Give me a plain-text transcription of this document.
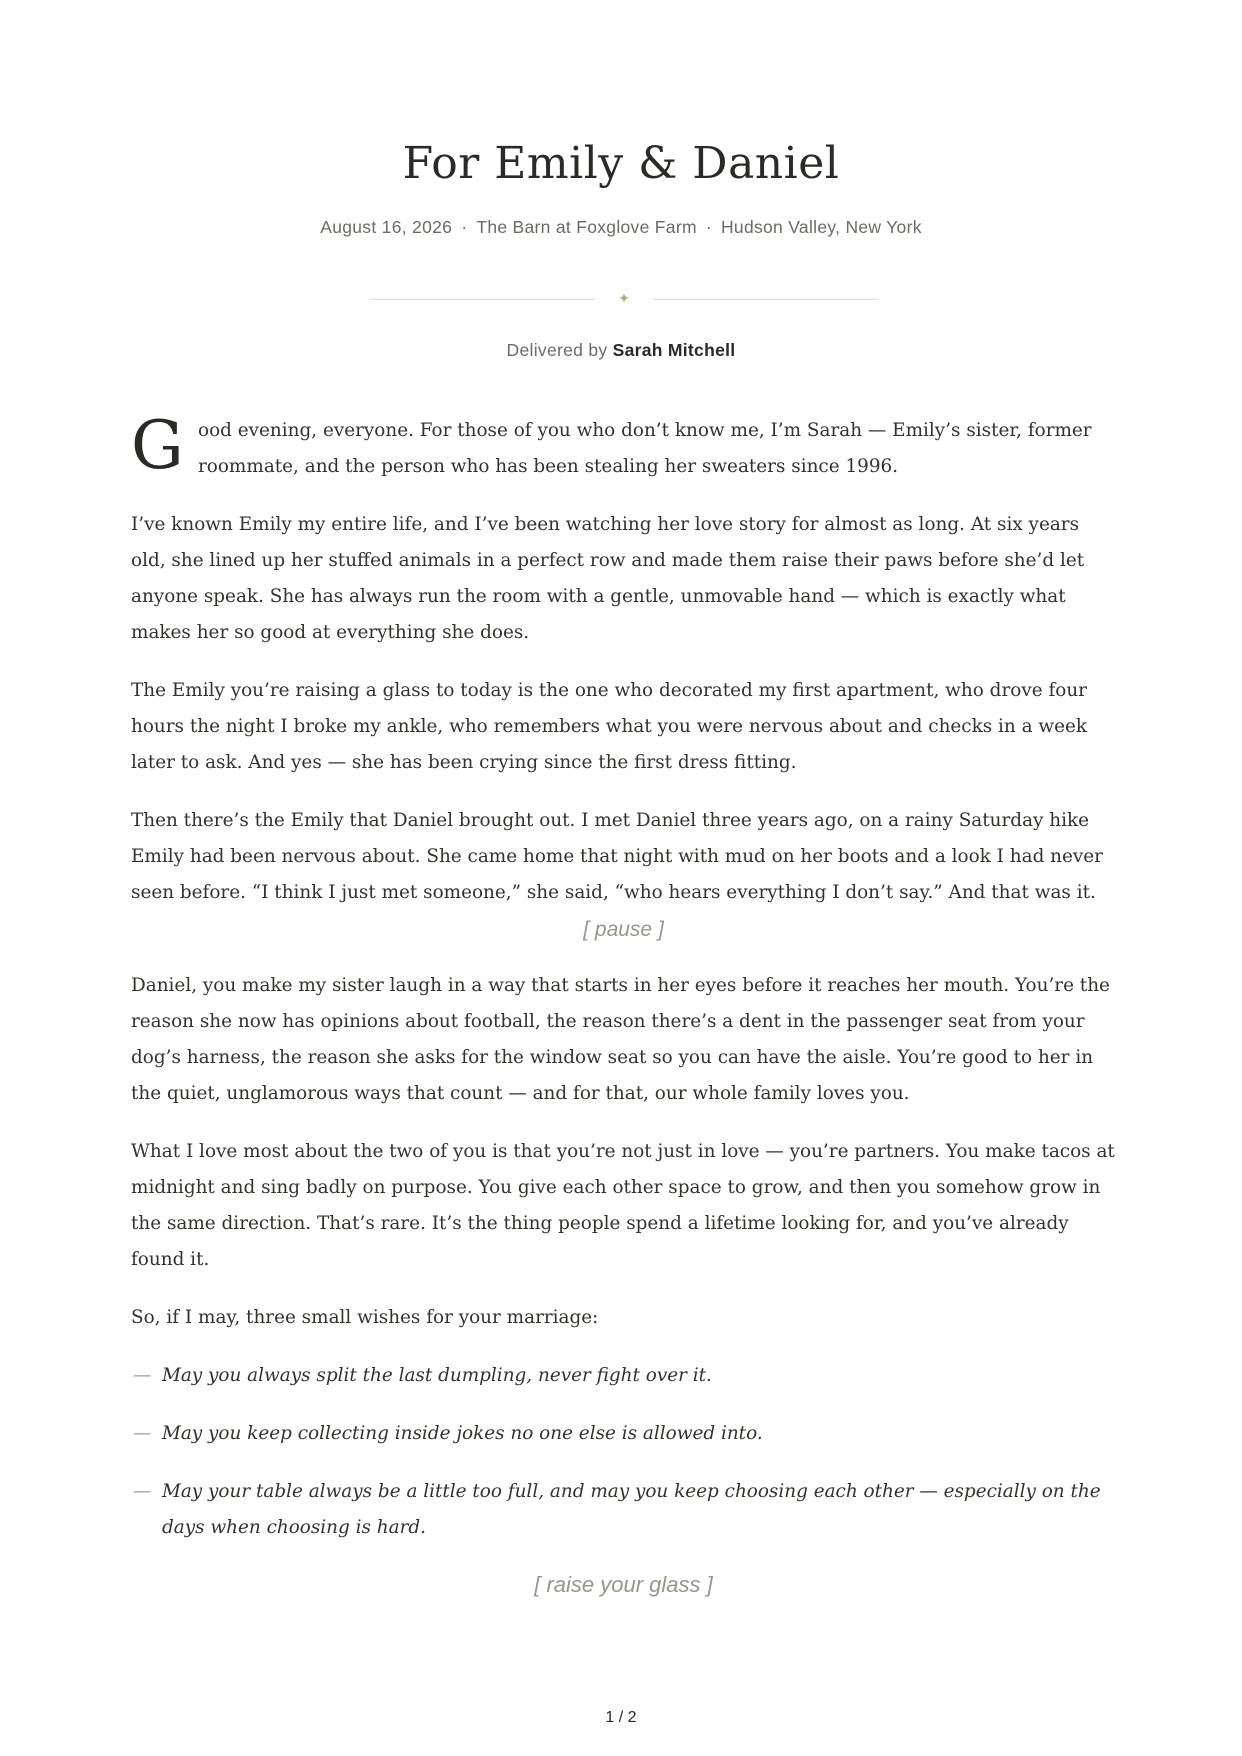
For Emily & Daniel
August 16, 2026 · The Barn at Foxglove Farm · Hudson Valley, New York
✦
Delivered by Sarah Mitchell

G ood evening, everyone. For those of you who don’t know me, I’m Sarah — Emily’s sister, former roommate, and the person who has been stealing her sweaters since 1996.

I’ve known Emily my entire life, and I’ve been watching her love story for almost as long. At six years old, she lined up her stuffed animals in a perfect row and made them raise their paws before she’d let anyone speak. She has always run the room with a gentle, unmovable hand — which is exactly what makes her so good at everything she does.

The Emily you’re raising a glass to today is the one who decorated my first apartment, who drove four hours the night I broke my ankle, who remembers what you were nervous about and checks in a week later to ask. And yes — she has been crying since the first dress fitting.

Then there’s the Emily that Daniel brought out. I met Daniel three years ago, on a rainy Saturday hike Emily had been nervous about. She came home that night with mud on her boots and a look I had never seen before. “I think I just met someone,” she said, “who hears everything I don’t say.” And that was it.

[ pause ]

Daniel, you make my sister laugh in a way that starts in her eyes before it reaches her mouth. You’re the reason she now has opinions about football, the reason there’s a dent in the passenger seat from your dog’s harness, the reason she asks for the window seat so you can have the aisle. You’re good to her in the quiet, unglamorous ways that count — and for that, our whole family loves you.

What I love most about the two of you is that you’re not just in love — you’re partners. You make tacos at midnight and sing badly on purpose. You give each other space to grow, and then you somehow grow in the same direction. That’s rare. It’s the thing people spend a lifetime looking for, and you’ve already found it.

So, if I may, three small wishes for your marriage:

— May you always split the last dumpling, never fight over it.
— May you keep collecting inside jokes no one else is allowed into.
— May your table always be a little too full, and may you keep choosing each other — especially on the days when choosing is hard.
[ raise your glass ]
1 / 2
